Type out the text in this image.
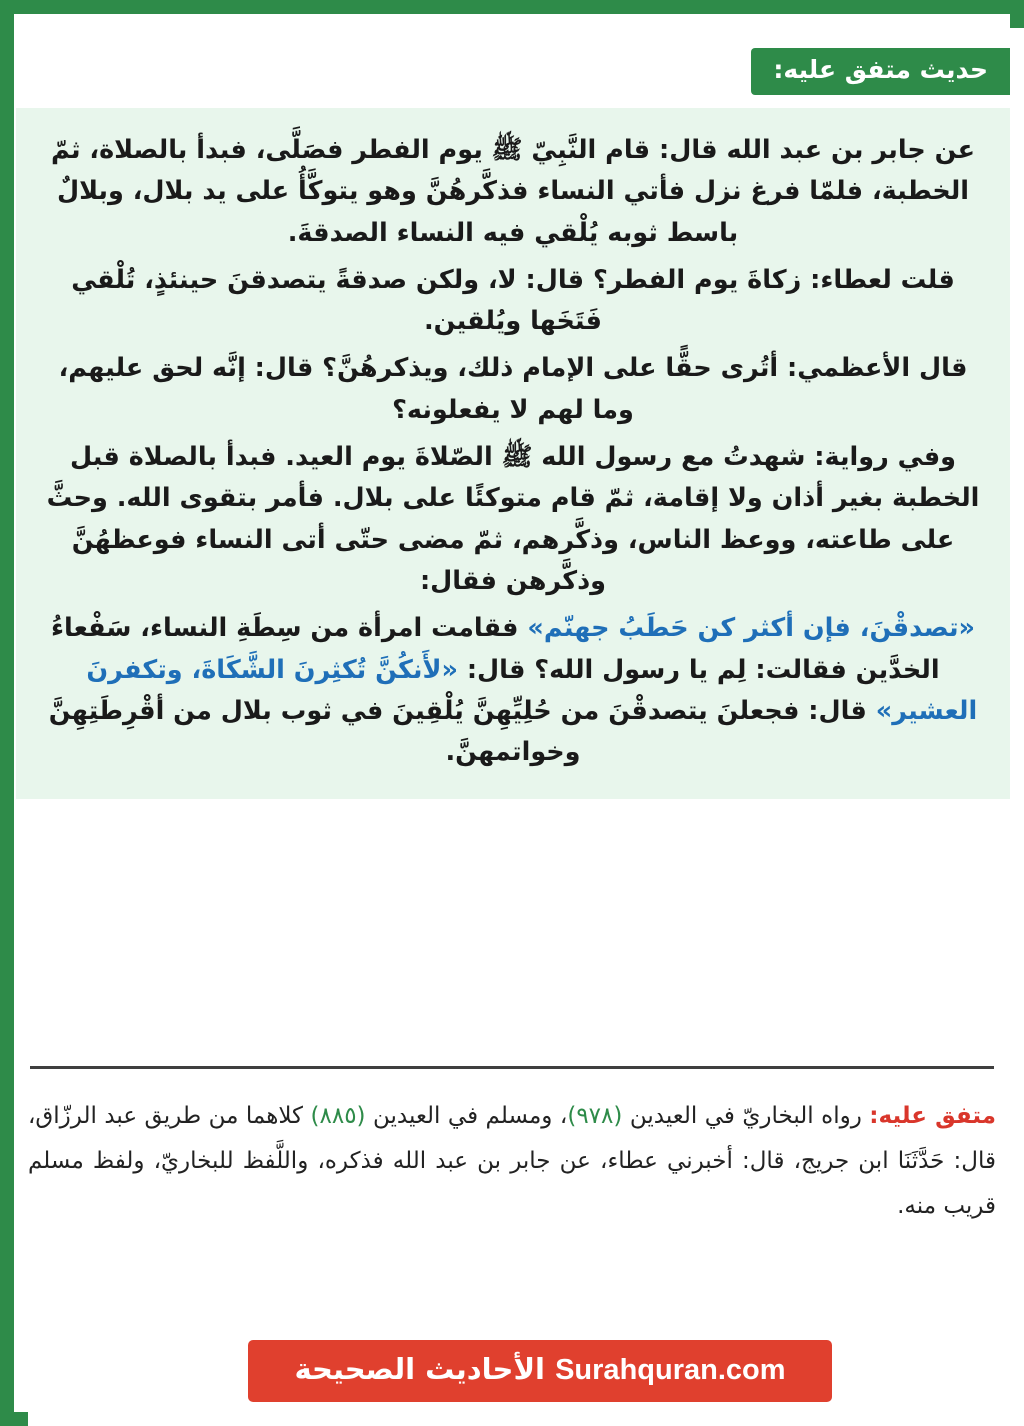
حديث متفق عليه:

عن جابر بن عبد الله قال: قام النَّبِيّ ﷺ يوم الفطر فصَلَّى، فبدأ بالصلاة، ثمّ الخطبة، فلمّا فرغ نزل فأتي النساء فذكَّرهُنَّ وهو يتوكَّأُ على يد بلال، وبلالٌ باسط ثوبه يُلْقي فيه النساء الصدقةَ.

قلت لعطاء: زكاةَ يوم الفطر؟ قال: لا، ولكن صدقةً يتصدقنَ حينئذٍ، تُلْقي فَتَخَها ويُلقين.

قال الأعظمي: أتُرى حقًّا على الإمام ذلك، ويذكرهُنَّ؟ قال: إنَّه لحق عليهم، وما لهم لا يفعلونه؟

وفي رواية: شهدتُ مع رسول الله ﷺ الصّلاةَ يوم العيد. فبدأ بالصلاة قبل الخطبة بغير أذان ولا إقامة، ثمّ قام متوكئًا على بلال. فأمر بتقوى الله. وحثَّ على طاعته، ووعظ الناس، وذكَّرهم، ثمّ مضى حتّى أتى النساء فوعظهُنَّ وذكَّرهن فقال:

«تصدقْنَ، فإن أكثر كن حَطَبُ جهنّم» فقامت امرأة من سِطَةِ النساء، سَفْعاءُ الخدَّين فقالت: لِم يا رسول الله؟ قال: «لأَنكُنَّ تُكثِرنَ الشَّكَاةَ، وتكفرنَ العشير» قال: فجعلنَ يتصدقْنَ من حُلِيِّهِنَّ يُلْقِينَ في ثوب بلال من أقْرِطَتِهِنَّ وخواتمهنَّ.

متفق عليه: رواه البخاريّ في العيدين (٩٧٨)، ومسلم في العيدين (٨٨٥) كلاهما من طريق عبد الرزّاق، قال: حَدَّثَنَا ابن جريج، قال: أخبرني عطاء، عن جابر بن عبد الله فذكره، واللَّفظ للبخاريّ، ولفظ مسلم قريب منه.
Surahquran.com الأحاديث الصحيحة
